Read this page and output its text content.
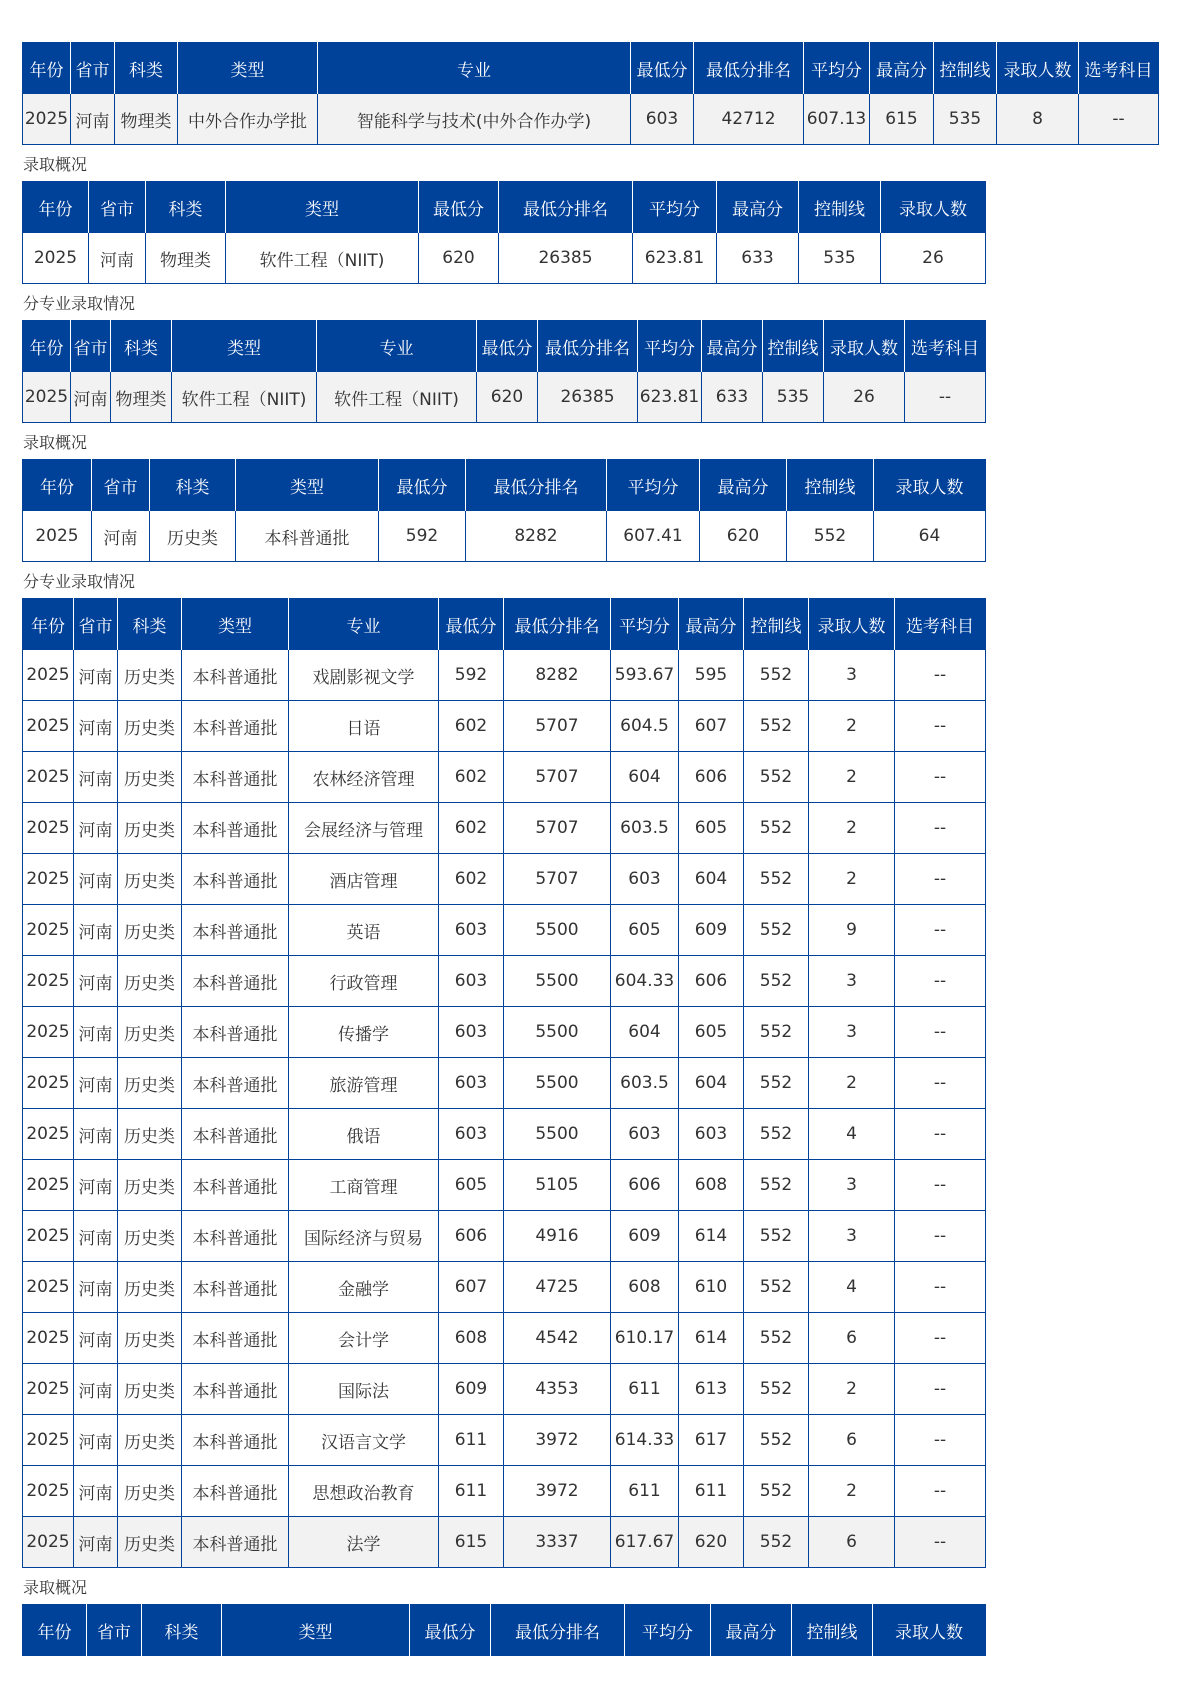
年份	省市	科类	类型	专业	最低分	最低分排名	平均分	最高分	控制线	录取人数	选考科目
2025	河南	物理类	中外合作办学批	智能科学与技术(中外合作办学)	603	42712	607.13	615	535	8	--
录取概况
年份	省市	科类	类型	最低分	最低分排名	平均分	最高分	控制线	录取人数
2025	河南	物理类	软件工程（NIIT)	620	26385	623.81	633	535	26
分专业录取情况
年份	省市	科类	类型	专业	最低分	最低分排名	平均分	最高分	控制线	录取人数	选考科目
2025	河南	物理类	软件工程（NIIT)	软件工程（NIIT)	620	26385	623.81	633	535	26	--
录取概况
年份	省市	科类	类型	最低分	最低分排名	平均分	最高分	控制线	录取人数
2025	河南	历史类	本科普通批	592	8282	607.41	620	552	64
分专业录取情况
年份	省市	科类	类型	专业	最低分	最低分排名	平均分	最高分	控制线	录取人数	选考科目
2025	河南	历史类	本科普通批	戏剧影视文学	592	8282	593.67	595	552	3	--
2025	河南	历史类	本科普通批	日语	602	5707	604.5	607	552	2	--
2025	河南	历史类	本科普通批	农林经济管理	602	5707	604	606	552	2	--
2025	河南	历史类	本科普通批	会展经济与管理	602	5707	603.5	605	552	2	--
2025	河南	历史类	本科普通批	酒店管理	602	5707	603	604	552	2	--
2025	河南	历史类	本科普通批	英语	603	5500	605	609	552	9	--
2025	河南	历史类	本科普通批	行政管理	603	5500	604.33	606	552	3	--
2025	河南	历史类	本科普通批	传播学	603	5500	604	605	552	3	--
2025	河南	历史类	本科普通批	旅游管理	603	5500	603.5	604	552	2	--
2025	河南	历史类	本科普通批	俄语	603	5500	603	603	552	4	--
2025	河南	历史类	本科普通批	工商管理	605	5105	606	608	552	3	--
2025	河南	历史类	本科普通批	国际经济与贸易	606	4916	609	614	552	3	--
2025	河南	历史类	本科普通批	金融学	607	4725	608	610	552	4	--
2025	河南	历史类	本科普通批	会计学	608	4542	610.17	614	552	6	--
2025	河南	历史类	本科普通批	国际法	609	4353	611	613	552	2	--
2025	河南	历史类	本科普通批	汉语言文学	611	3972	614.33	617	552	6	--
2025	河南	历史类	本科普通批	思想政治教育	611	3972	611	611	552	2	--
2025	河南	历史类	本科普通批	法学	615	3337	617.67	620	552	6	--
录取概况
年份	省市	科类	类型	最低分	最低分排名	平均分	最高分	控制线	录取人数
